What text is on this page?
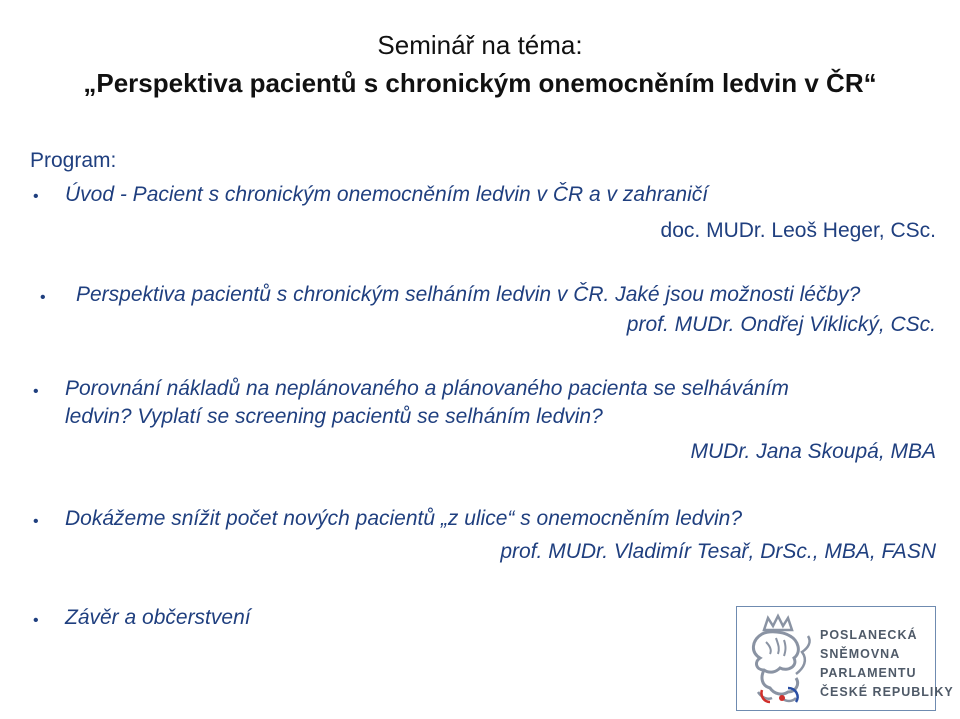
Seminář na téma:
„Perspektiva pacientů s chronickým onemocněním ledvin v ČR“
Program:
• Úvod - Pacient s chronickým onemocněním ledvin v ČR a v zahraničí
doc. MUDr. Leoš Heger, CSc.
• Perspektiva pacientů s chronickým selháním ledvin v ČR. Jaké jsou možnosti léčby?
prof. MUDr. Ondřej Viklický, CSc.
• Porovnání nákladů na neplánovaného a plánovaného pacienta se selháváním
ledvin? Vyplatí se screening pacientů se selháním ledvin?
MUDr. Jana Skoupá, MBA
• Dokážeme snížit počet nových pacientů „z ulice“ s onemocněním ledvin?
prof. MUDr. Vladimír Tesař, DrSc., MBA, FASN
• Závěr a občerstvení
POSLANECKÁ
SNĚMOVNA
PARLAMENTU
ČESKÉ REPUBLIKY
